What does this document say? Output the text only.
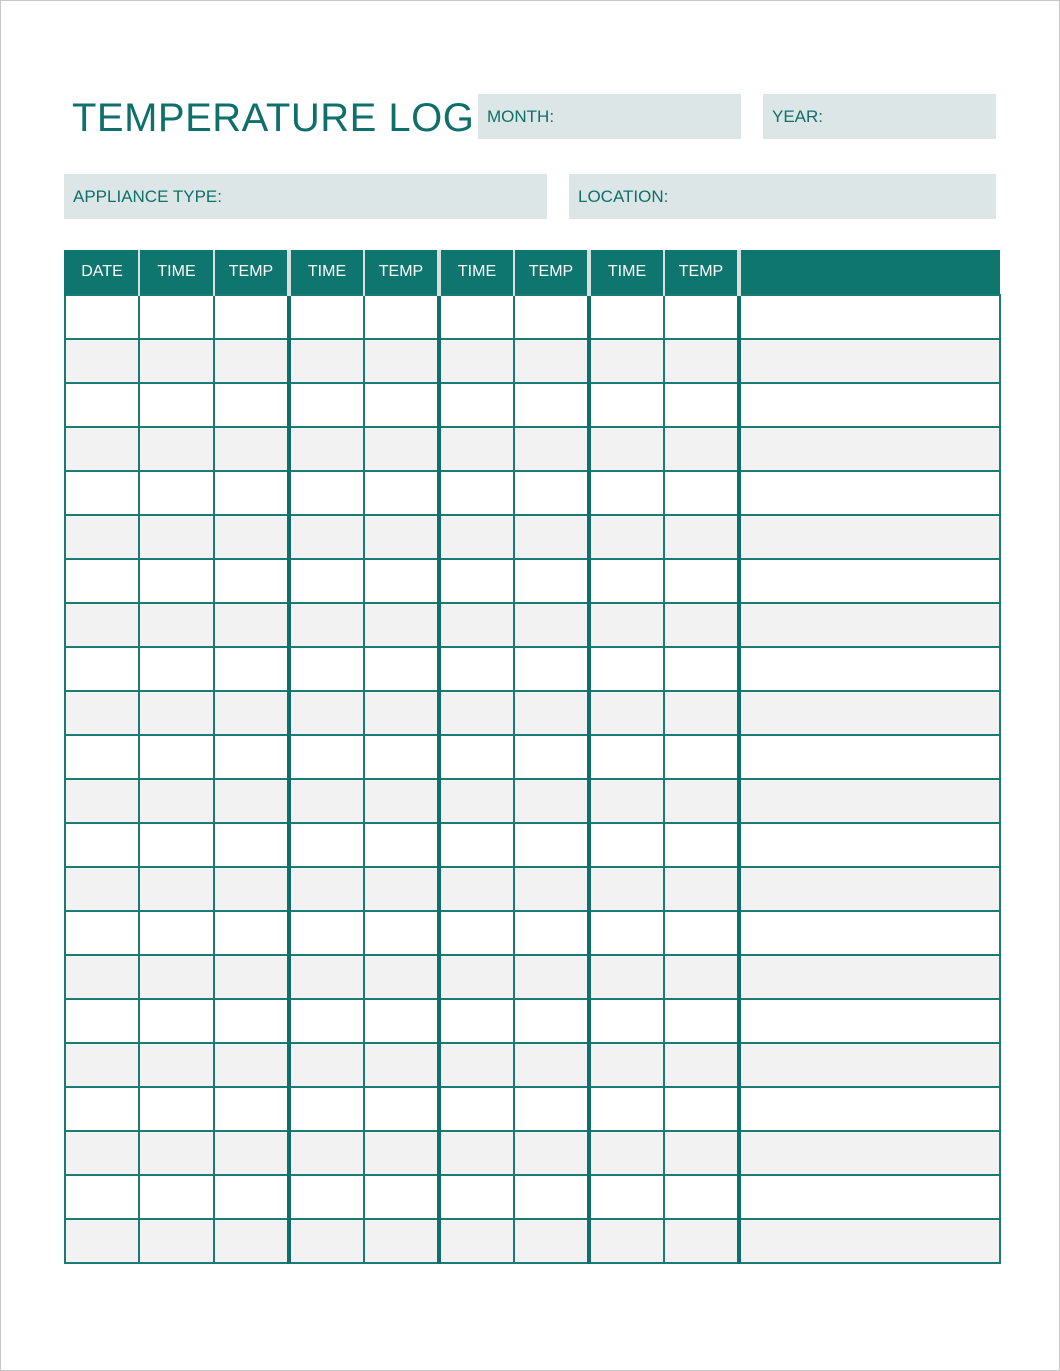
TEMPERATURE LOG MONTH:	YEAR:
APPLIANCE TYPE:	LOCATION:
DATE	TIME	TEMP	TIME	TEMP	TIME	TEMP	TIME	TEMP	
